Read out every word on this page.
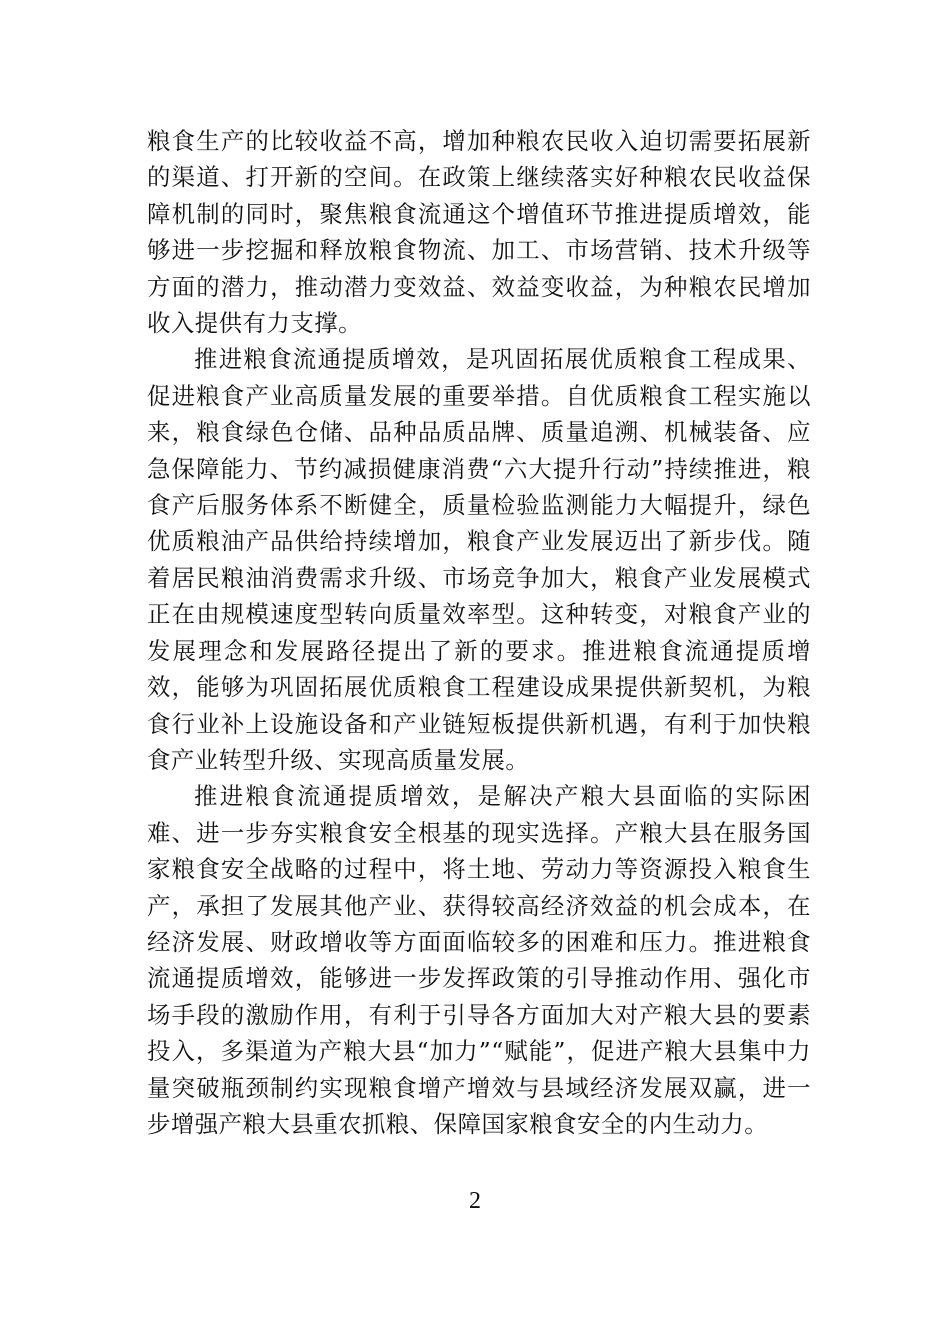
粮食生产的比较收益不高，增加种粮农民收入迫切需要拓展新的渠道、打开新的空间。在政策上继续落实好种粮农民收益保障机制的同时，聚焦粮食流通这个增值环节推进提质增效，能够进一步挖掘和释放粮食物流、加工、市场营销、技术升级等方面的潜力，推动潜力变效益、效益变收益，为种粮农民增加收入提供有力支撑。

推进粮食流通提质增效，是巩固拓展优质粮食工程成果、促进粮食产业高质量发展的重要举措。自优质粮食工程实施以来，粮食绿色仓储、品种品质品牌、质量追溯、机械装备、应急保障能力、节约减损健康消费“六大提升行动”持续推进，粮食产后服务体系不断健全，质量检验监测能力大幅提升，绿色优质粮油产品供给持续增加，粮食产业发展迈出了新步伐。随着居民粮油消费需求升级、市场竞争加大，粮食产业发展模式正在由规模速度型转向质量效率型。这种转变，对粮食产业的发展理念和发展路径提出了新的要求。推进粮食流通提质增效，能够为巩固拓展优质粮食工程建设成果提供新契机，为粮食行业补上设施设备和产业链短板提供新机遇，有利于加快粮食产业转型升级、实现高质量发展。

推进粮食流通提质增效，是解决产粮大县面临的实际困难、进一步夯实粮食安全根基的现实选择。产粮大县在服务国家粮食安全战略的过程中，将土地、劳动力等资源投入粮食生产，承担了发展其他产业、获得较高经济效益的机会成本，在经济发展、财政增收等方面面临较多的困难和压力。推进粮食流通提质增效，能够进一步发挥政策的引导推动作用、强化市场手段的激励作用，有利于引导各方面加大对产粮大县的要素投入，多渠道为产粮大县“加力”“赋能”，促进产粮大县集中力量突破瓶颈制约实现粮食增产增效与县域经济发展双赢，进一步增强产粮大县重农抓粮、保障国家粮食安全的内生动力。

2
